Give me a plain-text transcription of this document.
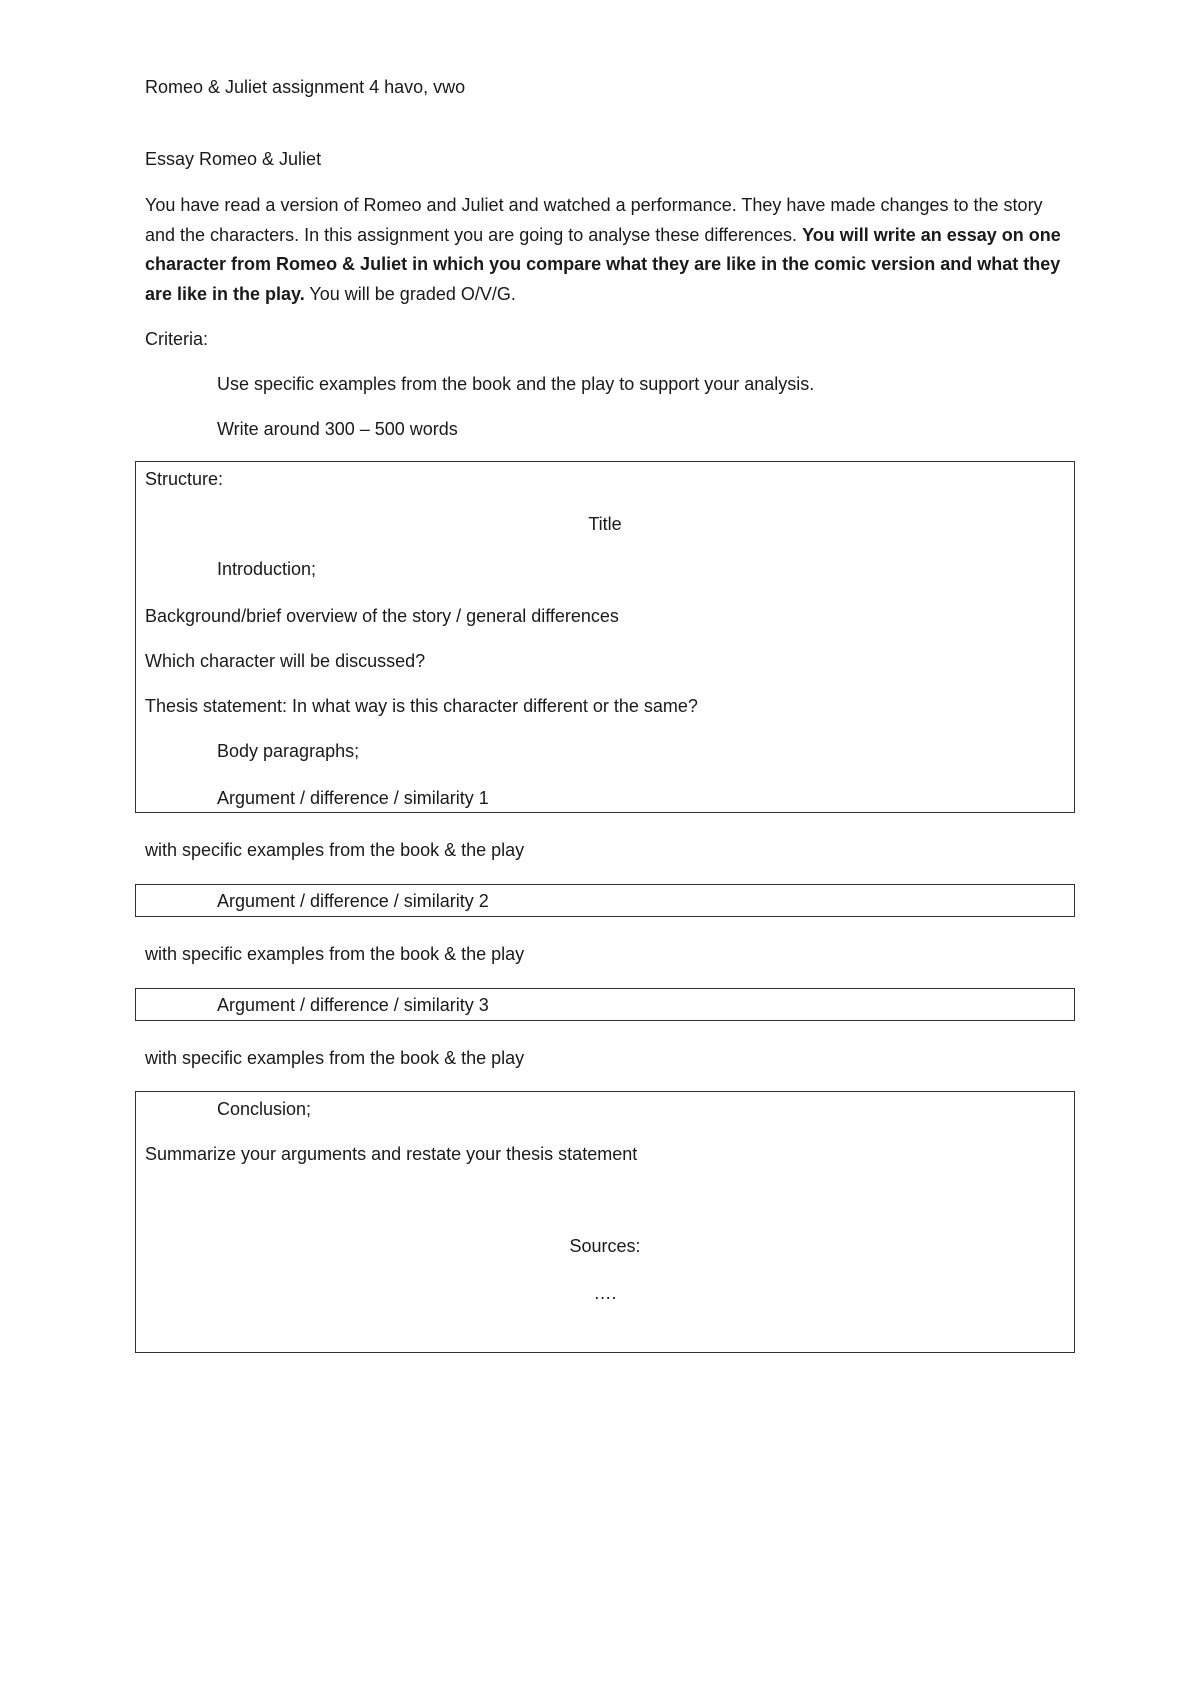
Romeo & Juliet assignment 4 havo, vwo
Essay Romeo & Juliet
You have read a version of Romeo and Juliet and watched a performance. They have made changes to the story and the characters. In this assignment you are going to analyse these differences. You will write an essay on one character from Romeo & Juliet in which you compare what they are like in the comic version and what they are like in the play. You will be graded O/V/G.
Criteria:
Use specific examples from the book and the play to support your analysis.
Write around 300 – 500 words
Structure:
Title
Introduction;
Background/brief overview of the story / general differences
Which character will be discussed?
Thesis statement: In what way is this character different or the same?
Body paragraphs;
Argument / difference / similarity 1
with specific examples from the book & the play
Argument / difference / similarity 2
with specific examples from the book & the play
Argument / difference / similarity 3
with specific examples from the book & the play
Conclusion;
Summarize your arguments and restate your thesis statement
Sources:
….
